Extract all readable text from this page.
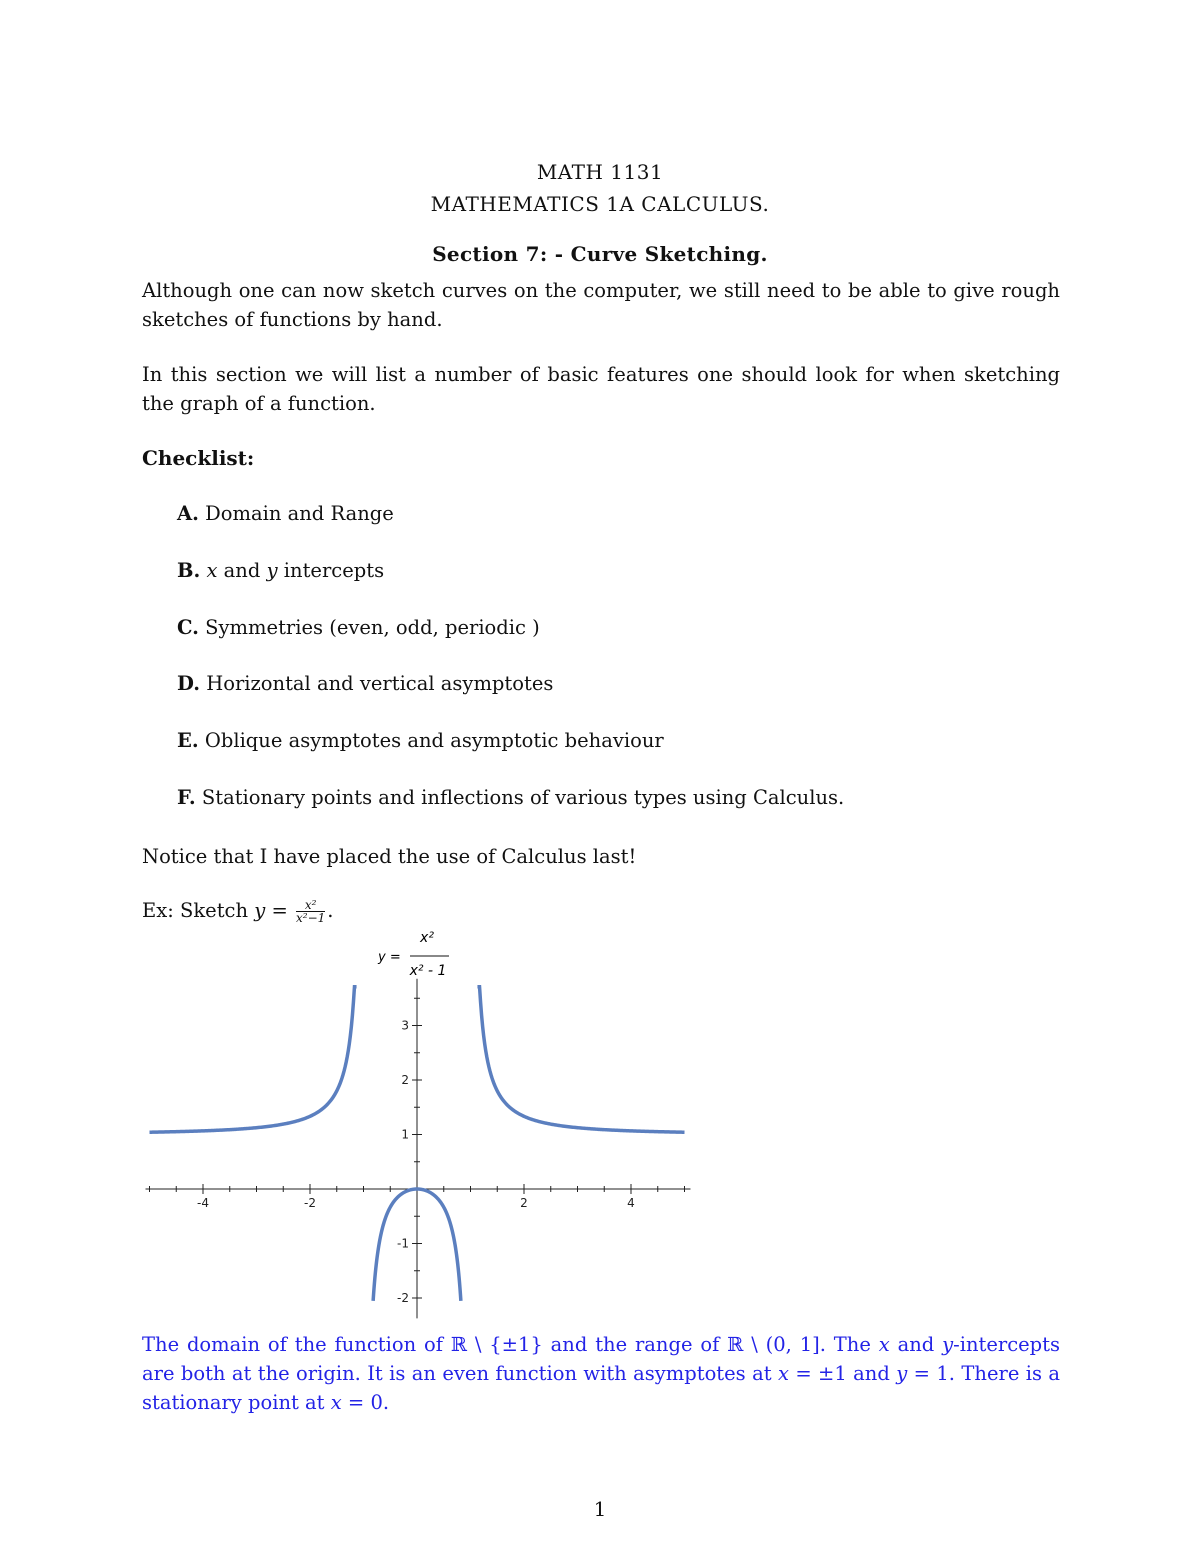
MATH 1131
MATHEMATICS 1A CALCULUS.
Section 7: - Curve Sketching.
Although one can now sketch curves on the computer, we still need to be able to give rough sketches of functions by hand.
In this section we will list a number of basic features one should look for when sketching the graph of a function.
Checklist:
A. Domain and Range
B. x and y intercepts
C. Symmetries (even, odd, periodic )
D. Horizontal and vertical asymptotes
E. Oblique asymptotes and asymptotic behaviour
F. Stationary points and inflections of various types using Calculus.
Notice that I have placed the use of Calculus last!
Ex: Sketch $y = \frac{\text{x²}}{\text{x²−1}}$ .
y =
x²
x² - 1
-4	-2	2	4
-2
-1
1
2
3
The domain of the function of ℝ \ {±1} and the range of ℝ \ (0, 1]. The x and y-intercepts are both at the origin. It is an even function with asymptotes at x = ±1 and y = 1. There is a stationary point at x = 0.
1
